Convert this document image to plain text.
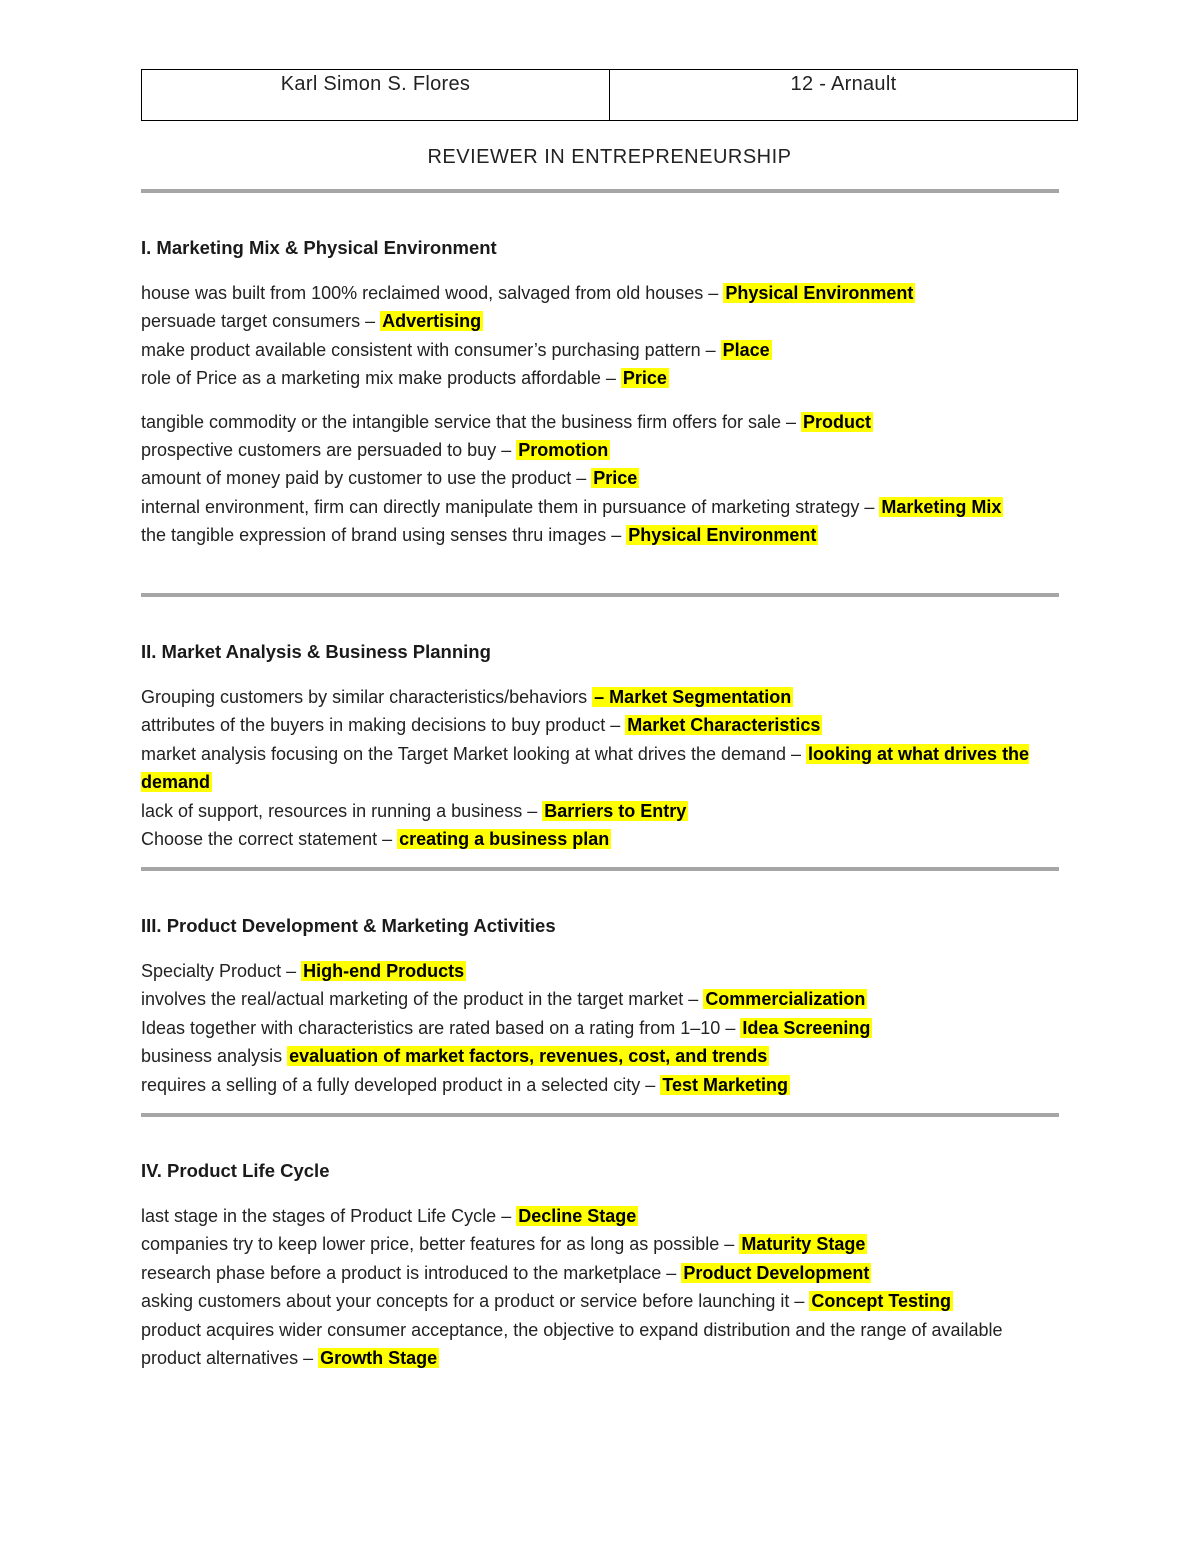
Karl Simon S. Flores	12 - Arnault
REVIEWER IN ENTREPRENEURSHIP
I. Marketing Mix & Physical Environment
house was built from 100% reclaimed wood, salvaged from old houses – Physical Environment
persuade target consumers – Advertising
make product available consistent with consumer’s purchasing pattern – Place
role of Price as a marketing mix make products affordable – Price
tangible commodity or the intangible service that the business firm offers for sale – Product
prospective customers are persuaded to buy – Promotion
amount of money paid by customer to use the product – Price
internal environment, firm can directly manipulate them in pursuance of marketing strategy – Marketing Mix
the tangible expression of brand using senses thru images – Physical Environment
II. Market Analysis & Business Planning
Grouping customers by similar characteristics/behaviors – Market Segmentation
attributes of the buyers in making decisions to buy product – Market Characteristics
market analysis focusing on the Target Market looking at what drives the demand – looking at what drives the demand
lack of support, resources in running a business – Barriers to Entry
Choose the correct statement – creating a business plan
III. Product Development & Marketing Activities
Specialty Product – High-end Products
involves the real/actual marketing of the product in the target market – Commercialization
Ideas together with characteristics are rated based on a rating from 1–10 – Idea Screening
business analysis evaluation of market factors, revenues, cost, and trends
requires a selling of a fully developed product in a selected city – Test Marketing
IV. Product Life Cycle
last stage in the stages of Product Life Cycle – Decline Stage
companies try to keep lower price, better features for as long as possible – Maturity Stage
research phase before a product is introduced to the marketplace – Product Development
asking customers about your concepts for a product or service before launching it – Concept Testing
product acquires wider consumer acceptance, the objective to expand distribution and the range of available product alternatives – Growth Stage
